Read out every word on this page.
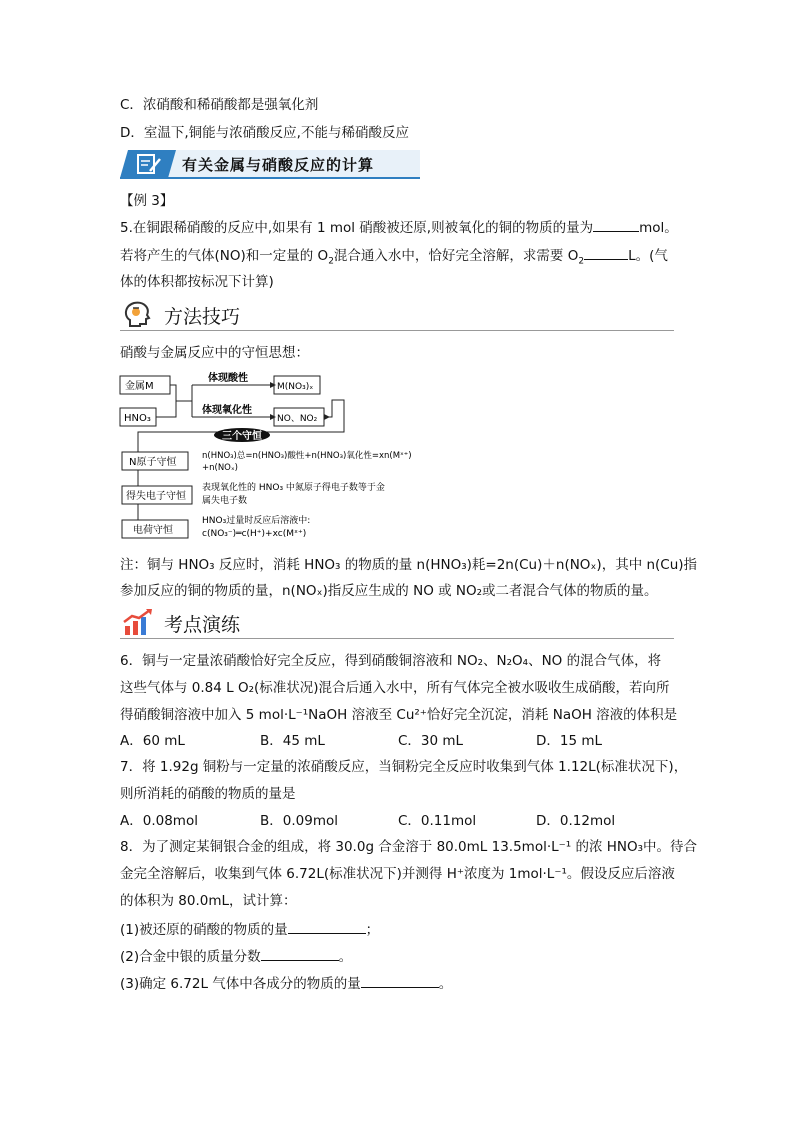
C．浓硝酸和稀硝酸都是强氧化剂
D．室温下,铜能与浓硝酸反应,不能与稀硝酸反应
有关金属与硝酸反应的计算
【例 3】
5.在铜跟稀硝酸的反应中,如果有 1 mol 硝酸被还原,则被氧化的铜的物质的量为	mol。
若将产生的气体(NO)和一定量的 $O_2$混合通入水中，恰好完全溶解，求需要 $O_2$	L。(气
体的体积都按标况下计算)
方法技巧
硝酸与金属反应中的守恒思想：
三个守恒
金属M
HNO₃
体现酸性
体现氧化性
M(NO₃)ₓ
NO、NO₂
N原子守恒
得失电子守恒
电荷守恒
n(HNO₃)总=n(HNO₃)酸性+n(HNO₃)氧化性=xn(Mˣ⁺)
+n(NOₓ)
表现氧化性的 HNO₃ 中氮原子得电子数等于金
属失电子数
HNO₃过量时反应后溶液中:
c(NO₃⁻)═c(H⁺)+xc(Mˣ⁺)
注：铜与 HNO₃ 反应时，消耗 HNO₃ 的物质的量 n(HNO₃)耗=2n(Cu)＋n(NOₓ)，其中 n(Cu)指
参加反应的铜的物质的量，n(NOₓ)指反应生成的 NO 或 NO₂或二者混合气体的物质的量。
考点演练
6．铜与一定量浓硝酸恰好完全反应，得到硝酸铜溶液和 NO₂、N₂O₄、NO 的混合气体，将
这些气体与 0.84 L O₂(标准状况)混合后通入水中，所有气体完全被水吸收生成硝酸，若向所
得硝酸铜溶液中加入 5 mol·L⁻¹NaOH 溶液至 Cu²⁺恰好完全沉淀，消耗 NaOH 溶液的体积是
A．60 mL	B．45 mL	C．30 mL	D．15 mL
7．将 1.92g 铜粉与一定量的浓硝酸反应，当铜粉完全反应时收集到气体 1.12L(标准状况下)，
则所消耗的硝酸的物质的量是
A．0.08mol	B．0.09mol	C．0.11mol	D．0.12mol
8．为了测定某铜银合金的组成，将 30.0g 合金溶于 80.0mL 13.5mol·L⁻¹ 的浓 HNO₃中。待合
金完全溶解后，收集到气体 6.72L(标准状况下)并测得 H⁺浓度为 1mol·L⁻¹。假设反应后溶液
的体积为 80.0mL，试计算：
(1)被还原的硝酸的物质的量	；
(2)合金中银的质量分数	。
(3)确定 6.72L 气体中各成分的物质的量	。
